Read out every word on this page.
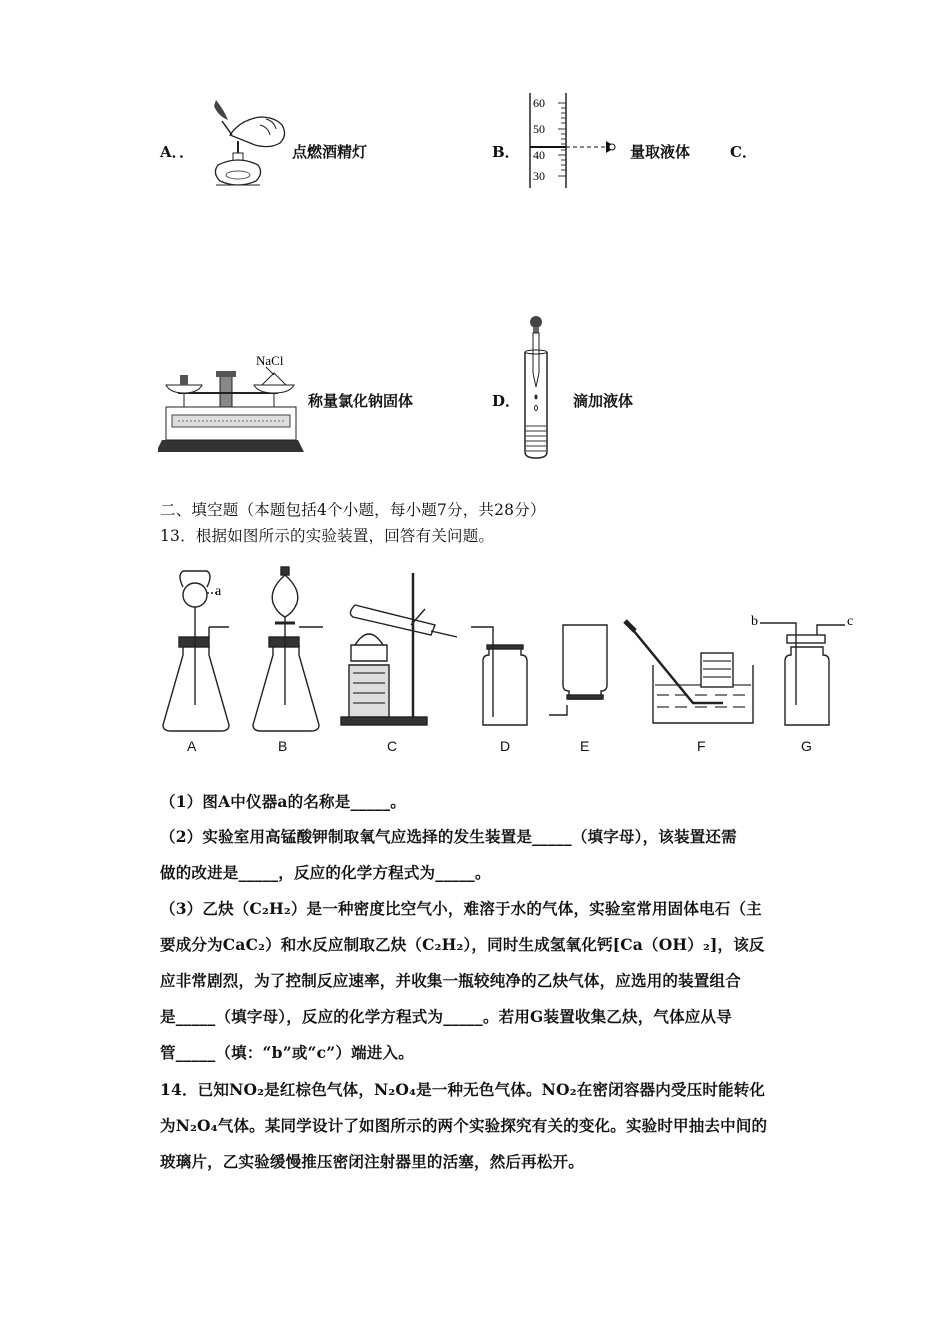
A．．	点燃酒精灯	B．
60
50
40
30
量取液体	C．
NaCl
称量氯化钠固体	D．	滴加液体
二、填空题（本题包括4个小题，每小题7分，共28分）
13．根据如图所示的实验装置，回答有关问题。
a
b	c
A	B	C	D	E	F	G
（1）图A中仪器a的名称是_____。
（2）实验室用高锰酸钾制取氧气应选择的发生装置是_____（填字母），该装置还需
做的改进是_____，反应的化学方程式为_____。
（3）乙炔（C₂H₂）是一种密度比空气小，难溶于水的气体，实验室常用固体电石（主
要成分为CaC₂）和水反应制取乙炔（C₂H₂），同时生成氢氧化钙[Ca（OH）₂]，该反
应非常剧烈，为了控制反应速率，并收集一瓶较纯净的乙炔气体，应选用的装置组合
是_____（填字母），反应的化学方程式为_____。若用G装置收集乙炔，气体应从导
管_____（填：“b”或“c”）端进入。
14．已知NO₂是红棕色气体，N₂O₄是一种无色气体。NO₂在密闭容器内受压时能转化
为N₂O₄气体。某同学设计了如图所示的两个实验探究有关的变化。实验时甲抽去中间的
玻璃片，乙实验缓慢推压密闭注射器里的活塞，然后再松开。
